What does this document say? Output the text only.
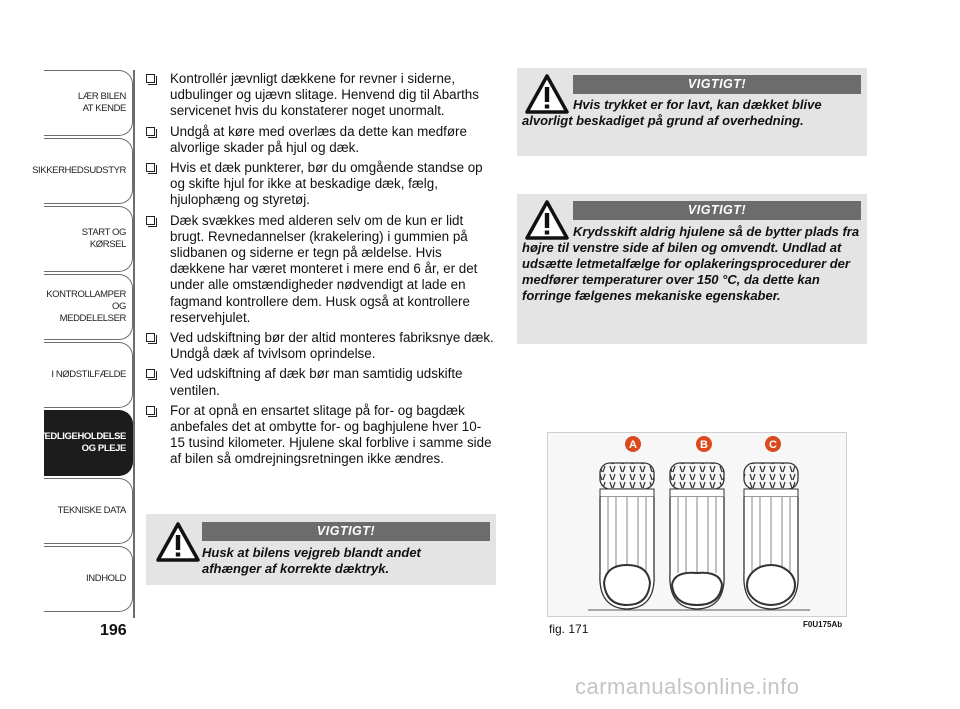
LÆR BILEN
AT KENDE
SIKKERHEDSUDSTYR
START OG KØRSEL
KONTROLLAMPER
OG MEDDELELSER
I NØDSTILFÆLDE
VEDLIGEHOLDELSE
OG PLEJE
TEKNISKE DATA
INDHOLD
196
Kontrollér jævnligt dækkene for revner i siderne, udbulinger og ujævn slitage. Henvend dig til Abarths servicenet hvis du konstaterer noget unormalt.
Undgå at køre med overlæs da dette kan medføre alvorlige skader på hjul og dæk.
Hvis et dæk punkterer, bør du omgående standse op og skifte hjul for ikke at beskadige dæk, fælg, hjulophæng og styretøj.
Dæk svækkes med alderen selv om de kun er lidt brugt. Revnedannelser (krakelering) i gummien på slidbanen og siderne er tegn på ældelse. Hvis dækkene har været monteret i mere end 6 år, er det under alle omstændigheder nødvendigt at lade en fagmand kontrollere dem. Husk også at kontrollere reservehjulet.
Ved udskiftning bør der altid monteres fabriksnye dæk. Undgå dæk af tvivlsom oprindelse.
Ved udskiftning af dæk bør man samtidig udskifte ventilen.
For at opnå en ensartet slitage på for- og bagdæk anbefales det at ombytte for- og baghjulene hver 10-15 tusind kilometer. Hjulene skal forblive i samme side af bilen så omdrejningsretningen ikke ændres.
VIGTIGT!
Husk at bilens vejgreb blandt andet afhænger af korrekte dæktryk.
VIGTIGT!
Hvis trykket er for lavt, kan dækket blive alvorligt beskadiget på grund af overhedning.
VIGTIGT!
Krydsskift aldrig hjulene så de bytter plads fra højre til venstre side af bilen og omvendt. Undlad at udsætte letmetalfælge for oplakeringsprocedurer der medfører temperaturer over 150 °C, da dette kan forringe fælgenes mekaniske egenskaber.
A	B	C
fig. 171	F0U175Ab
carmanualsonline.info
